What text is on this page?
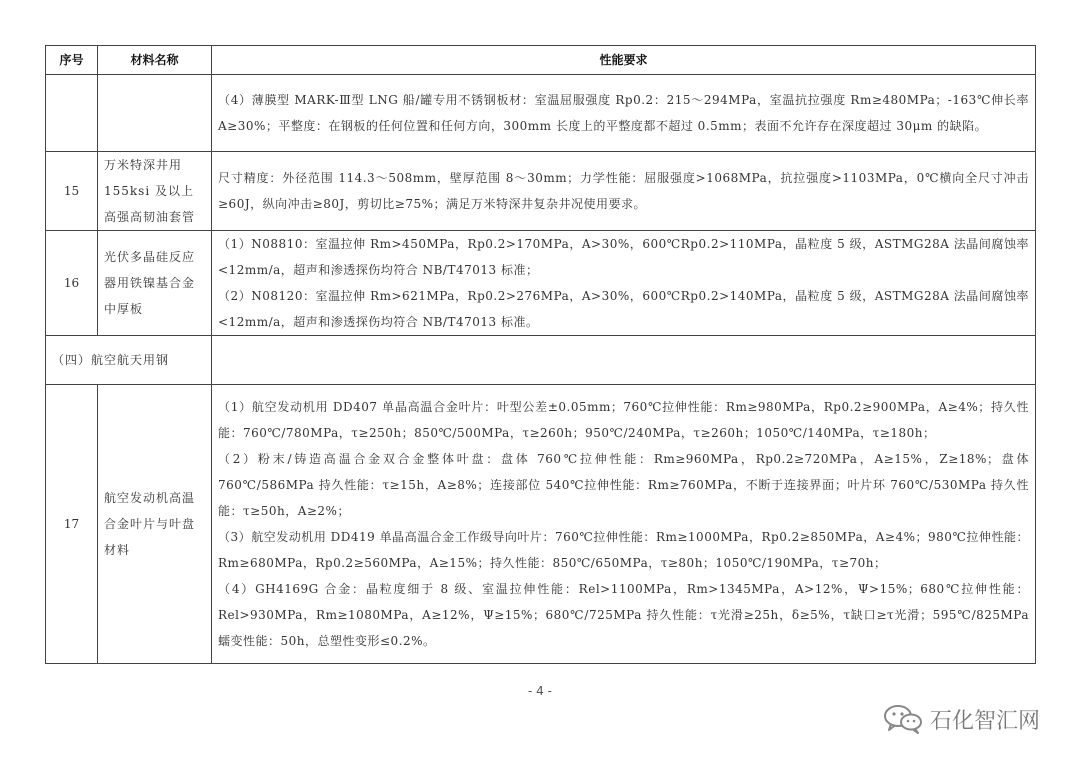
序号	材料名称	性能要求

		（4）薄膜型 MARK-Ⅲ型 LNG 船/罐专用不锈钢板材：室温屈服强度 Rp0.2：215～294MPa，室温抗拉强度 Rm≥480MPa；-163℃伸长率 A≥30%；平整度：在钢板的任何位置和任何方向，300mm 长度上的平整度都不超过 0.5mm；表面不允许存在深度超过 30μm 的缺陷。

15	万米特深井用 155ksi 及以上高强高韧油套管	尺寸精度：外径范围 114.3～508mm，壁厚范围 8～30mm；力学性能：屈服强度>1068MPa，抗拉强度>1103MPa，0℃横向全尺寸冲击≥60J，纵向冲击≥80J，剪切比≥75%；满足万米特深井复杂井况使用要求。

16	光伏多晶硅反应器用铁镍基合金中厚板	（1）N08810：室温拉伸 Rm>450MPa，Rp0.2>170MPa，A>30%，600℃Rp0.2>110MPa，晶粒度 5 级，ASTMG28A 法晶间腐蚀率<12mm/a，超声和渗透探伤均符合 NB/T47013 标准；
（2）N08120：室温拉伸 Rm>621MPa，Rp0.2>276MPa，A>30%，600℃Rp0.2>140MPa，晶粒度 5 级，ASTMG28A 法晶间腐蚀率<12mm/a，超声和渗透探伤均符合 NB/T47013 标准。

（四）航空航天用钢		
17	航空发动机高温合金叶片与叶盘材料	（1）航空发动机用 DD407 单晶高温合金叶片：叶型公差±0.05mm；760℃拉伸性能：Rm≥980MPa，Rp0.2≥900MPa，A≥4%；持久性能：760℃/780MPa，τ≥250h；850℃/500MPa，τ≥260h；950℃/240MPa，τ≥260h；1050℃/140MPa，τ≥180h；
（2）粉末/铸造高温合金双合金整体叶盘：盘体 760℃拉伸性能：Rm≥960MPa，Rp0.2≥720MPa，A≥15%，Z≥18%；盘体 760℃/586MPa 持久性能：τ≥15h，A≥8%；连接部位 540℃拉伸性能：Rm≥760MPa，不断于连接界面；叶片环 760℃/530MPa 持久性能：τ≥50h，A≥2%；
（3）航空发动机用 DD419 单晶高温合金工作级导向叶片：760℃拉伸性能：Rm≥1000MPa，Rp0.2≥850MPa，A≥4%；980℃拉伸性能：Rm≥680MPa，Rp0.2≥560MPa，A≥15%；持久性能：850℃/650MPa，τ≥80h；1050℃/190MPa，τ≥70h；
（4）GH4169G 合金：晶粒度细于 8 级、室温拉伸性能：Rel>1100MPa，Rm>1345MPa，A>12%，Ψ>15%；680℃拉伸性能：Rel>930MPa，Rm≥1080MPa，A≥12%，Ψ≥15%；680℃/725MPa 持久性能：τ光滑≥25h，δ≥5%，τ缺口≥τ光滑；595℃/825MPa 蠕变性能：50h，总塑性变形≤0.2%。
- 4 -
石化智汇网
